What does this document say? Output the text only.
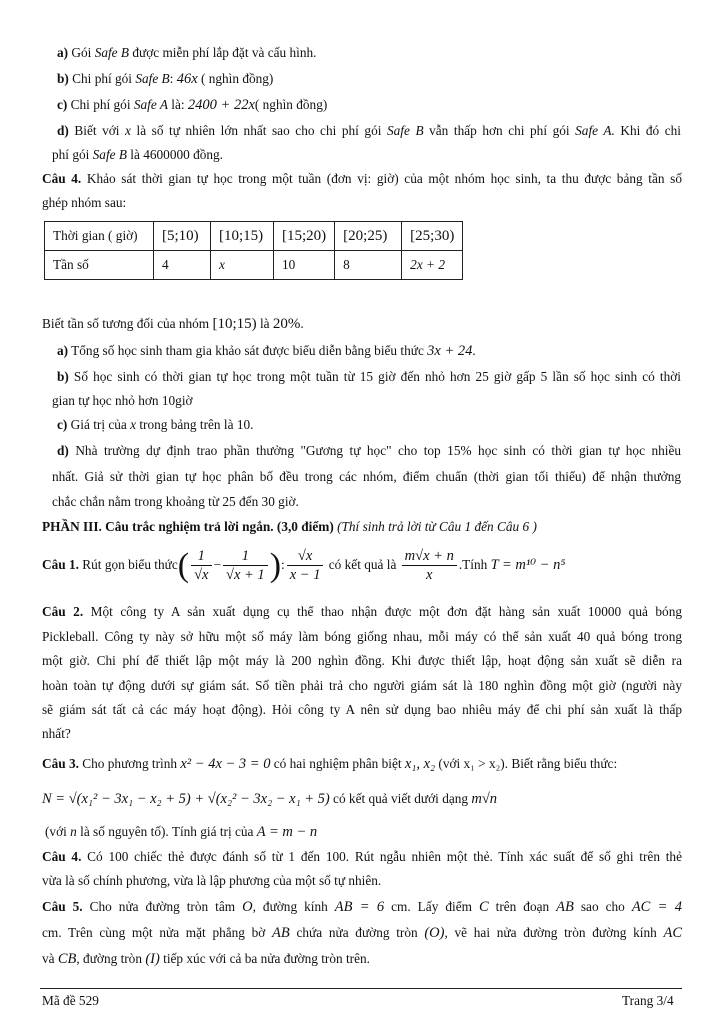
a) Gói Safe B được miễn phí lắp đặt và cấu hình.
b) Chi phí gói Safe B: 46x ( nghìn đồng)
c) Chi phí gói Safe A là: 2400 + 22x( nghìn đồng)
d) Biết với x là số tự nhiên lớn nhất sao cho chi phí gói Safe B vẫn thấp hơn chi phí gói Safe A. Khi đó chi
phí gói Safe B là 4600000 đồng.
Câu 4. Khảo sát thời gian tự học trong một tuần (đơn vị: giờ) của một nhóm học sinh, ta thu được bảng tần số
ghép nhóm sau:
Thời gian ( giờ)	[5;10)	[10;15)	[15;20)	[20;25)	[25;30)
Tần số	4	x	10	8	2x + 2
Biết tần số tương đối của nhóm [10;15) là 20%.
a) Tổng số học sinh tham gia khảo sát được biểu diễn bằng biểu thức 3x + 24.
b) Số học sinh có thời gian tự học trong một tuần từ 15 giờ đến nhỏ hơn 25 giờ gấp 5 lần số học sinh có thời
gian tự học nhỏ hơn 10giờ
c) Giá trị của x trong bảng trên là 10.
d) Nhà trường dự định trao phần thưởng "Gương tự học" cho top 15% học sinh có thời gian tự học nhiều
nhất. Giả sử thời gian tự học phân bố đều trong các nhóm, điểm chuẩn (thời gian tối thiểu) để nhận thưởng
chắc chắn nằm trong khoảng từ 25 đến 30 giờ.
PHẦN III. Câu trắc nghiệm trả lời ngắn. (3,0 điểm) (Thí sinh trả lời từ Câu 1 đến Câu 6 )
Câu 1. Rút gọn biểu thức( $\frac{1}{√x} - \frac{1}{√x + 1}$ ): $\frac{√x}{x - 1}$ có kết quả là $\frac{m√x + n}{x}$ .Tính T = m¹⁰ − n⁵
Câu 2. Một công ty A sản xuất dụng cụ thể thao nhận được một đơn đặt hàng sản xuất 10000 quả bóng
Pickleball. Công ty này sở hữu một số máy làm bóng giống nhau, mỗi máy có thể sản xuất 40 quả bóng trong
một giờ. Chi phí để thiết lập một máy là 200 nghìn đồng. Khi được thiết lập, hoạt động sản xuất sẽ diễn ra
hoàn toàn tự động dưới sự giám sát. Số tiền phải trả cho người giám sát là 180 nghìn đồng một giờ (người này
sẽ giám sát tất cả các máy hoạt động). Hỏi công ty A nên sử dụng bao nhiêu máy để chi phí sản xuất là thấp
nhất?
Câu 3. Cho phương trình x² − 4x − 3 = 0 có hai nghiệm phân biệt x₁, x₂ (với x₁ > x₂). Biết rằng biểu thức:
N = √(x₁² − 3x₁ − x₂ + 5) + √(x₂² − 3x₂ − x₁ + 5) có kết quả viết dưới dạng m√n
(với n là số nguyên tố). Tính giá trị của A = m − n
Câu 4. Có 100 chiếc thẻ được đánh số từ 1 đến 100. Rút ngẫu nhiên một thẻ. Tính xác suất để số ghi trên thẻ
vừa là số chính phương, vừa là lập phương của một số tự nhiên.
Câu 5. Cho nửa đường tròn tâm O, đường kính AB = 6 cm. Lấy điểm C trên đoạn AB sao cho AC = 4
cm. Trên cùng một nửa mặt phẳng bờ AB chứa nửa đường tròn (O), vẽ hai nửa đường tròn đường kính AC
và CB, đường tròn (I) tiếp xúc với cả ba nửa đường tròn trên.
Mã đề 529	Trang 3/4
